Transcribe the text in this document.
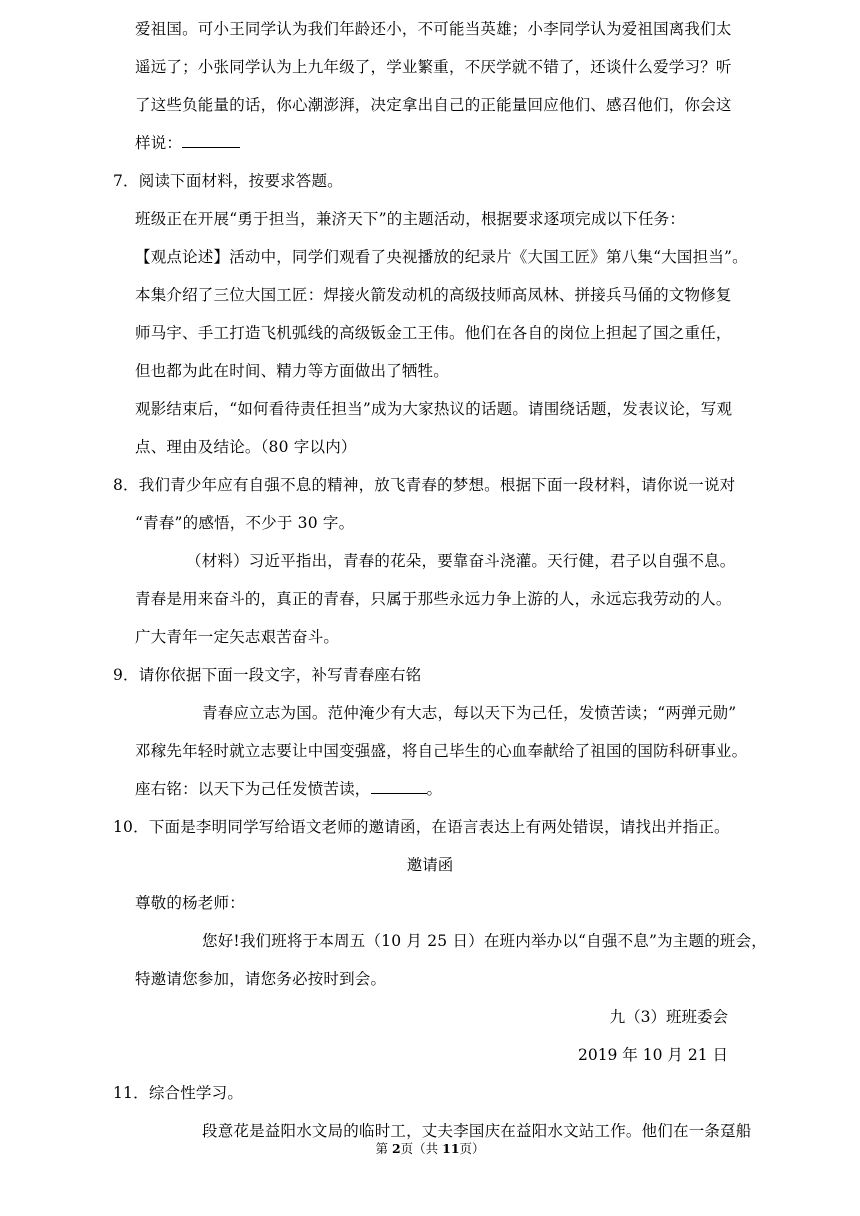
爱祖国。可小王同学认为我们年龄还小，不可能当英雄；小李同学认为爱祖国离我们太
遥远了；小张同学认为上九年级了，学业繁重，不厌学就不错了，还谈什么爱学习？听
了这些负能量的话，你心潮澎湃，决定拿出自己的正能量回应他们、感召他们，你会这
样说：
7．阅读下面材料，按要求答题。
班级正在开展“勇于担当，兼济天下”的主题活动，根据要求逐项完成以下任务：
【观点论述】活动中，同学们观看了央视播放的纪录片《大国工匠》第八集“大国担当”。
本集介绍了三位大国工匠：焊接火箭发动机的高级技师高凤林、拼接兵马俑的文物修复
师马宇、手工打造飞机弧线的高级钣金工王伟。他们在各自的岗位上担起了国之重任，
但也都为此在时间、精力等方面做出了牺牲。
观影结束后，“如何看待责任担当”成为大家热议的话题。请围绕话题，发表议论，写观
点、理由及结论。（80 字以内）
8．我们青少年应有自强不息的精神，放飞青春的梦想。根据下面一段材料，请你说一说对
“青春”的感悟，不少于 30 字。
（材料）习近平指出，青春的花朵，要靠奋斗浇灌。天行健，君子以自强不息。
青春是用来奋斗的，真正的青春，只属于那些永远力争上游的人，永远忘我劳动的人。
广大青年一定矢志艰苦奋斗。
9．请你依据下面一段文字，补写青春座右铭
青春应立志为国。范仲淹少有大志，每以天下为己任，发愤苦读；“两弹元勋”
邓稼先年轻时就立志要让中国变强盛，将自己毕生的心血奉献给了祖国的国防科研事业。
座右铭：以天下为己任发愤苦读，	。
10．下面是李明同学写给语文老师的邀请函，在语言表达上有两处错误，请找出并指正。
邀请函
尊敬的杨老师：
您好!我们班将于本周五（10 月 25 日）在班内举办以“自强不息”为主题的班会，
特邀请您参加，请您务必按时到会。
九（3）班班委会
2019 年 10 月 21 日
11．综合性学习。
段意花是益阳水文局的临时工，丈夫李国庆在益阳水文站工作。他们在一条趸船
第 2页（共 11页）
